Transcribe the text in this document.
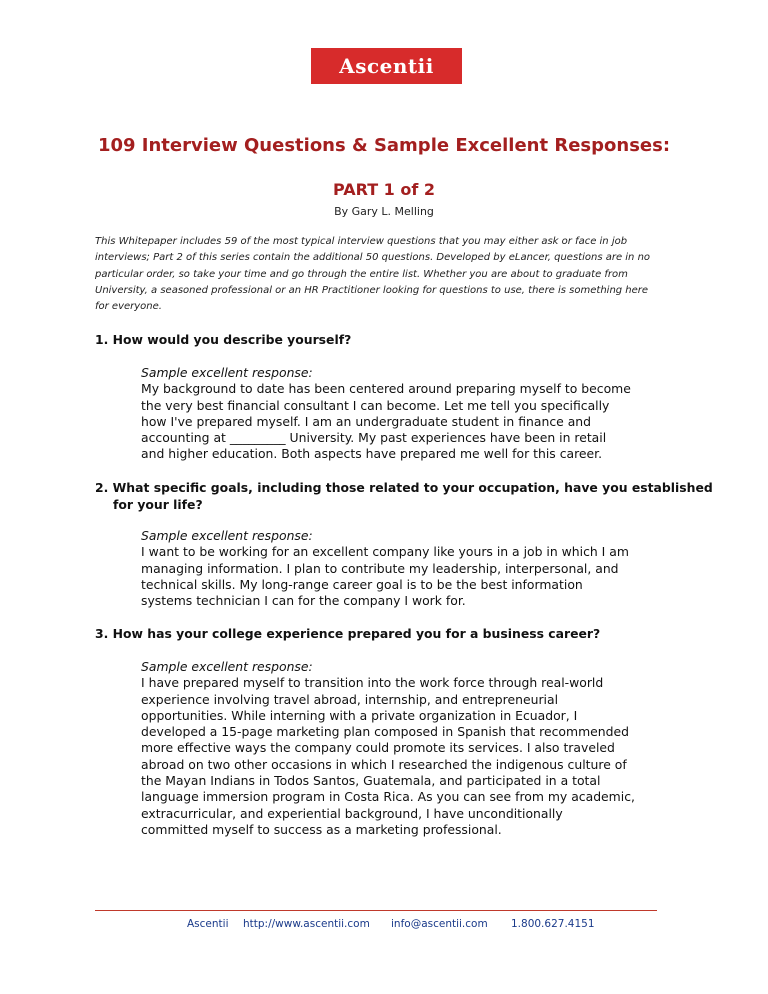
Ascentii
109 Interview Questions & Sample Excellent Responses:
PART 1 of 2
By Gary L. Melling
This Whitepaper includes 59 of the most typical interview questions that you may either ask or face in job
interviews; Part 2 of this series contain the additional 50 questions. Developed by eLancer, questions are in no
particular order, so take your time and go through the entire list. Whether you are about to graduate from
University, a seasoned professional or an HR Practitioner looking for questions to use, there is something here
for everyone.
1. How would you describe yourself?
Sample excellent response:
My background to date has been centered around preparing myself to become
the very best financial consultant I can become. Let me tell you specifically
how I've prepared myself. I am an undergraduate student in finance and
accounting at _________ University. My past experiences have been in retail
and higher education. Both aspects have prepared me well for this career.
2. What specific goals, including those related to your occupation, have you established
for your life?
Sample excellent response:
I want to be working for an excellent company like yours in a job in which I am
managing information. I plan to contribute my leadership, interpersonal, and
technical skills. My long-range career goal is to be the best information
systems technician I can for the company I work for.
3. How has your college experience prepared you for a business career?
Sample excellent response:
I have prepared myself to transition into the work force through real-world
experience involving travel abroad, internship, and entrepreneurial
opportunities. While interning with a private organization in Ecuador, I
developed a 15-page marketing plan composed in Spanish that recommended
more effective ways the company could promote its services. I also traveled
abroad on two other occasions in which I researched the indigenous culture of
the Mayan Indians in Todos Santos, Guatemala, and participated in a total
language immersion program in Costa Rica. As you can see from my academic,
extracurricular, and experiential background, I have unconditionally
committed myself to success as a marketing professional.
Ascentii http://www.ascentii.com info@ascentii.com 1.800.627.4151
